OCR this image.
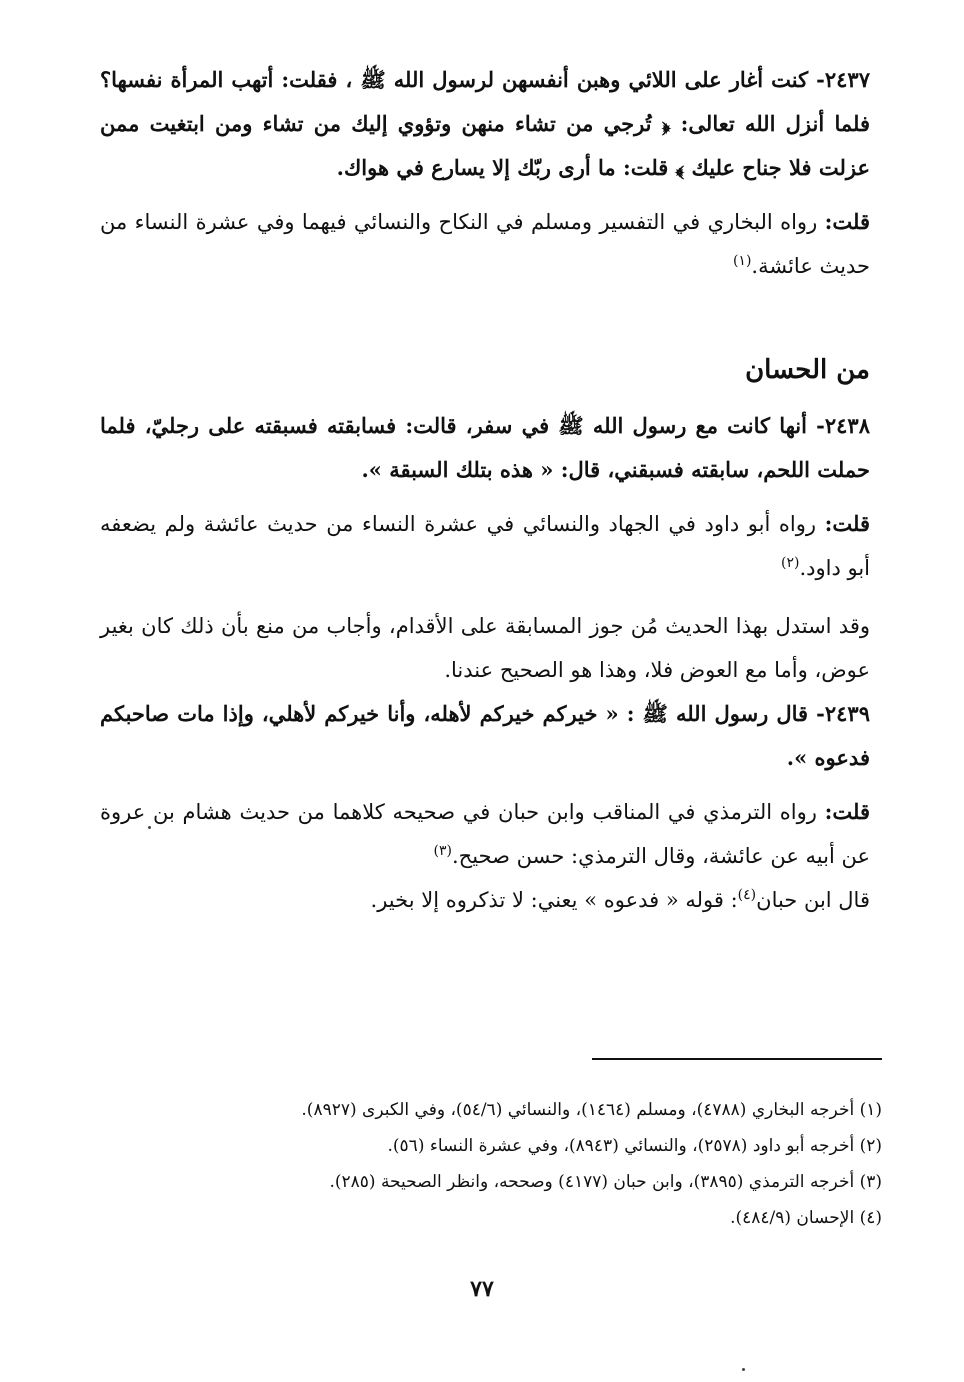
٢٤٣٧- كنت أغار على اللائي وهبن أنفسهن لرسول الله ﷺ ، فقلت: أتهب المرأة نفسها؟ فلما أنزل الله تعالى: ﴿ تُرجي من تشاء منهن وتؤوي إليك من تشاء ومن ابتغيت ممن عزلت فلا جناح عليك ﴾ قلت: ما أرى ربّك إلا يسارع في هواك.

قلت: رواه البخاري في التفسير ومسلم في النكاح والنسائي فيهما وفي عشرة النساء من حديث عائشة.$^{(١)}$

من الحسان

٢٤٣٨- أنها كانت مع رسول الله ﷺ في سفر، قالت: فسابقته فسبقته على رجليّ، فلما حملت اللحم، سابقته فسبقني، قال: « هذه بتلك السبقة ».

قلت: رواه أبو داود في الجهاد والنسائي في عشرة النساء من حديث عائشة ولم يضعفه أبو داود.$^{(٢)}$

وقد استدل بهذا الحديث مُن جوز المسابقة على الأقدام، وأجاب من منع بأن ذلك كان بغير عوض، وأما مع العوض فلا، وهذا هو الصحيح عندنا.

٢٤٣٩- قال رسول الله ﷺ : « خيركم خيركم لأهله، وأنا خيركم لأهلي، وإذا مات صاحبكم فدعوه ».

قلت: رواه الترمذي في المناقب وابن حبان في صحيحه كلاهما من حديث هشام بن عروة عن أبيه عن عائشة، وقال الترمذي: حسن صحيح.$^{(٣)}$

قال ابن حبان$^{(٤)}$: قوله « فدعوه » يعني: لا تذكروه إلا بخير.

(١) أخرجه البخاري (٤٧٨٨)، ومسلم (١٤٦٤)، والنسائي (٥٤/٦)، وفي الكبرى (٨٩٢٧).

(٢) أخرجه أبو داود (٢٥٧٨)، والنسائي (٨٩٤٣)، وفي عشرة النساء (٥٦).

(٣) أخرجه الترمذي (٣٨٩٥)، وابن حبان (٤١٧٧) وصححه، وانظر الصحيحة (٢٨٥).

(٤) الإحسان (٤٨٤/٩).

٧٧
